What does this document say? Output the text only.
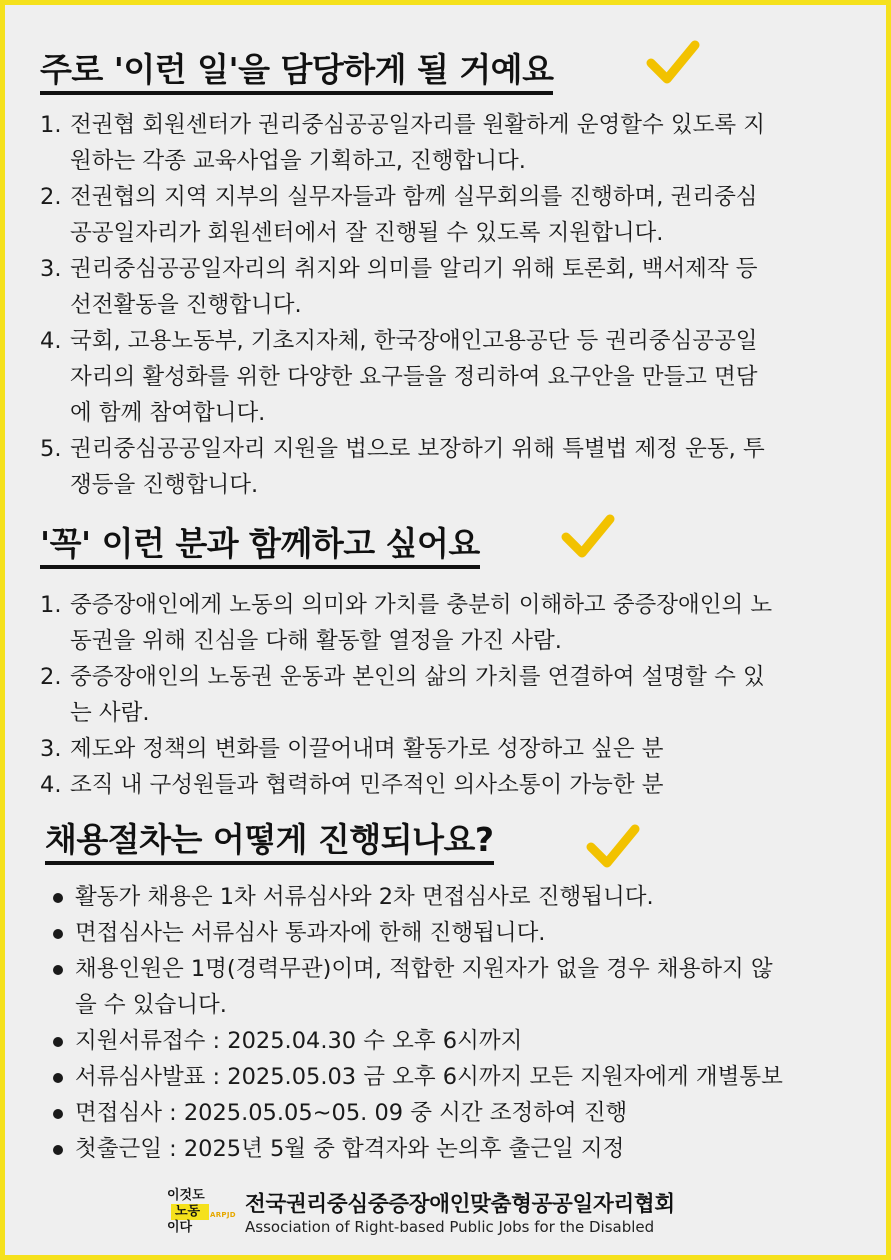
주로 '이런 일'을 담당하게 될 거예요
1. 전권협 회원센터가 권리중심공공일자리를 원활하게 운영할수 있도록 지
원하는 각종 교육사업을 기획하고, 진행합니다.
2. 전권협의 지역 지부의 실무자들과 함께 실무회의를 진행하며, 권리중심
공공일자리가 회원센터에서 잘 진행될 수 있도록 지원합니다.
3. 권리중심공공일자리의 취지와 의미를 알리기 위해 토론회, 백서제작 등
선전활동을 진행합니다.
4. 국회, 고용노동부, 기초지자체, 한국장애인고용공단 등 권리중심공공일
자리의 활성화를 위한 다양한 요구들을 정리하여 요구안을 만들고 면담
에 함께 참여합니다.
5. 권리중심공공일자리 지원을 법으로 보장하기 위해 특별법 제정 운동, 투
쟁등을 진행합니다.
'꼭' 이런 분과 함께하고 싶어요
1. 중증장애인에게 노동의 의미와 가치를 충분히 이해하고 중증장애인의 노
동권을 위해 진심을 다해 활동할 열정을 가진 사람.
2. 중증장애인의 노동권 운동과 본인의 삶의 가치를 연결하여 설명할 수 있
는 사람.
3. 제도와 정책의 변화를 이끌어내며 활동가로 성장하고 싶은 분
4. 조직 내 구성원들과 협력하여 민주적인 의사소통이 가능한 분
채용절차는 어떻게 진행되나요?
활동가 채용은 1차 서류심사와 2차 면접심사로 진행됩니다.
면접심사는 서류심사 통과자에 한해 진행됩니다.
채용인원은 1명(경력무관)이며, 적합한 지원자가 없을 경우 채용하지 않
을 수 있습니다.
지원서류접수 : 2025.04.30 수 오후 6시까지
서류심사발표 : 2025.05.03 금 오후 6시까지 모든 지원자에게 개별통보
면접심사 : 2025.05.05~05. 09 중 시간 조정하여 진행
첫출근일 : 2025년 5월 중 합격자와 논의후 출근일 지정
이것도
노동 ARPJD
이다
전국권리중심중증장애인맞춤형공공일자리협회
Association of Right-based Public Jobs for the Disabled
